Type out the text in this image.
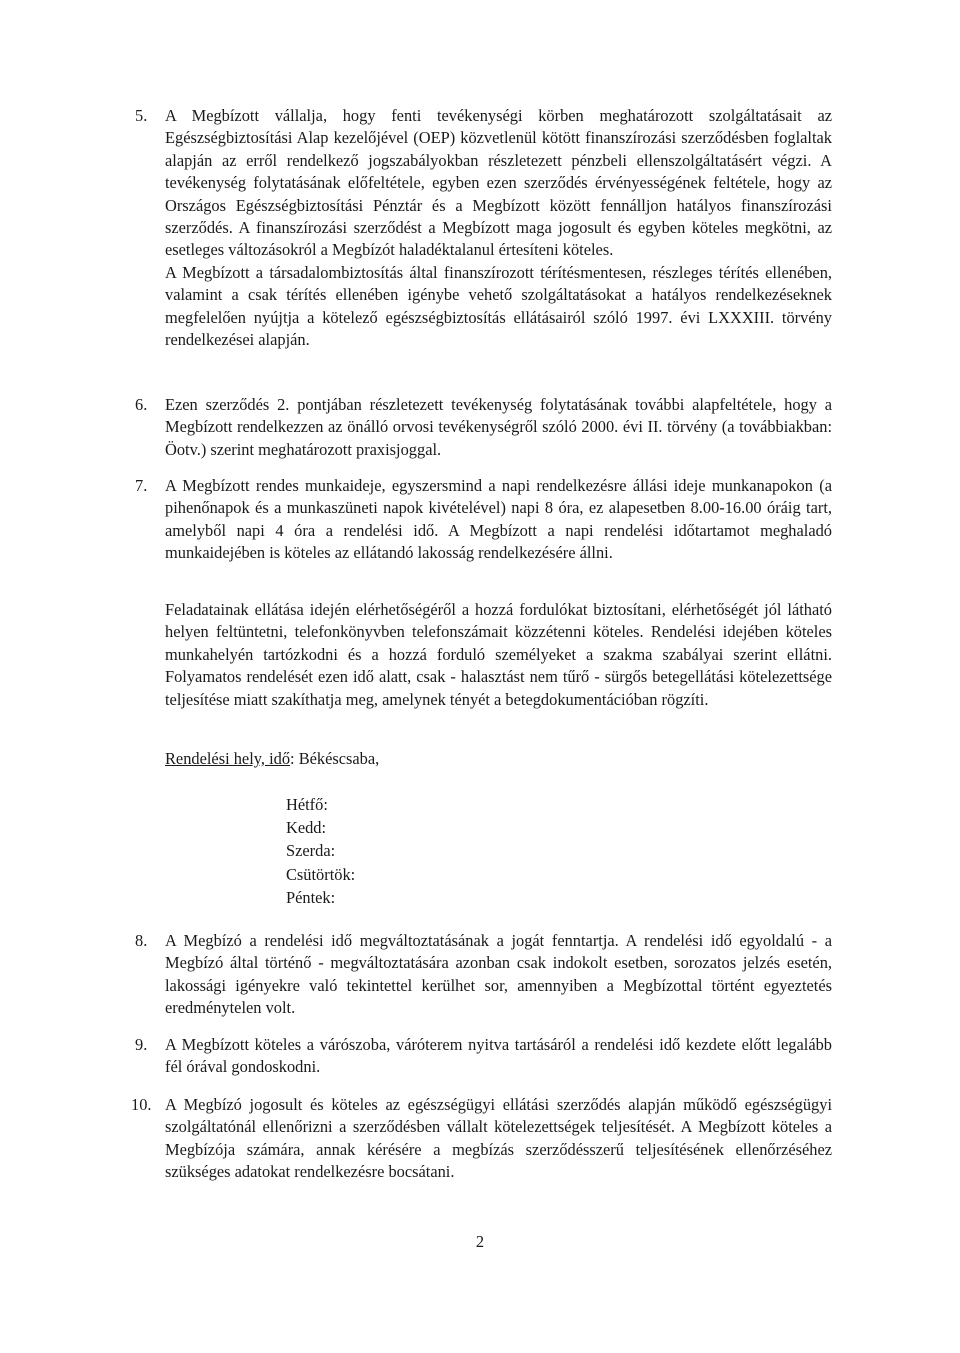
5.	A Megbízott vállalja, hogy fenti tevékenységi körben meghatározott szolgáltatásait az Egészségbiztosítási Alap kezelőjével (OEP) közvetlenül kötött finanszírozási szerződésben foglaltak alapján az erről rendelkező jogszabályokban részletezett pénzbeli ellenszolgáltatásért végzi. A tevékenység folytatásának előfeltétele, egyben ezen szerződés érvényességének feltétele, hogy az Országos Egészségbiztosítási Pénztár és a Megbízott között fennálljon hatályos finanszírozási szerződés. A finanszírozási szerződést a Megbízott maga jogosult és egyben köteles megkötni, az esetleges változásokról a Megbízót haladéktalanul értesíteni köteles.

A Megbízott a társadalombiztosítás által finanszírozott térítésmentesen, részleges térítés ellenében, valamint a csak térítés ellenében igénybe vehető szolgáltatásokat a hatályos rendelkezéseknek megfelelően nyújtja a kötelező egészségbiztosítás ellátásairól szóló 1997. évi LXXXIII. törvény rendelkezései alapján.

6.	Ezen szerződés 2. pontjában részletezett tevékenység folytatásának további alapfeltétele, hogy a Megbízott rendelkezzen az önálló orvosi tevékenységről szóló 2000. évi II. törvény (a továbbiakban: Öotv.) szerint meghatározott praxisjoggal.

7.	A Megbízott rendes munkaideje, egyszersmind a napi rendelkezésre állási ideje munkanapokon (a pihenőnapok és a munkaszüneti napok kivételével) napi 8 óra, ez alapesetben 8.00-16.00 óráig tart, amelyből napi 4 óra a rendelési idő. A Megbízott a napi rendelési időtartamot meghaladó munkaidejében is köteles az ellátandó lakosság rendelkezésére állni.

Feladatainak ellátása idején elérhetőségéről a hozzá fordulókat biztosítani, elérhetőségét jól látható helyen feltüntetni, telefonkönyvben telefonszámait közzétenni köteles. Rendelési idejében köteles munkahelyén tartózkodni és a hozzá forduló személyeket a szakma szabályai szerint ellátni. Folyamatos rendelését ezen idő alatt, csak - halasztást nem tűrő - sürgős betegellátási kötelezettsége teljesítése miatt szakíthatja meg, amelynek tényét a betegdokumentációban rögzíti.

Rendelési hely, idő: Békéscsaba,
Hétfő:
Kedd:
Szerda:
Csütörtök:
Péntek:
8.	A Megbízó a rendelési idő megváltoztatásának a jogát fenntartja. A rendelési idő egyoldalú - a Megbízó által történő - megváltoztatására azonban csak indokolt esetben, sorozatos jelzés esetén, lakossági igényekre való tekintettel kerülhet sor, amennyiben a Megbízottal történt egyeztetés eredménytelen volt.

9.	A Megbízott köteles a várószoba, váróterem nyitva tartásáról a rendelési idő kezdete előtt legalább fél órával gondoskodni.

10. A Megbízó jogosult és köteles az egészségügyi ellátási szerződés alapján működő egészségügyi szolgáltatónál ellenőrizni a szerződésben vállalt kötelezettségek teljesítését. A Megbízott köteles a Megbízója számára, annak kérésére a megbízás szerződésszerű teljesítésének ellenőrzéséhez szükséges adatokat rendelkezésre bocsátani.

2
